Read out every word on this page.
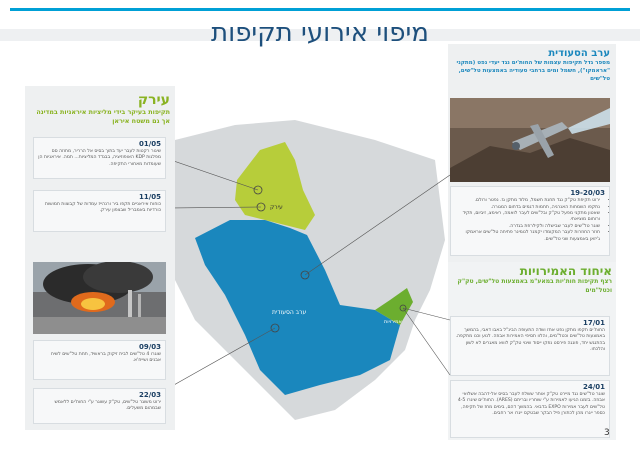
מיפוי אירועי תקיפות
עירק
תקיפות בעיקר בידי מליציות איראניות במדינה אך גם משטח איראן
01/05
שיגור רקטות לעבר יעד בתוך בסיס אל הרריר, מחוזה סס מפלגות KDP האופוזיציה, בבגדד המליציות... תמה. איראניות הן שעומדות מאחורי התקיפה.
11/05
כוחות איראניים תקפו ביר ורנהייז עמדות של קבוצות חמושות כורדיות באמבריל שבצפון עירק.
09/03
שוגרו 4 טל"שים לבית זיקוק בראשיד, תחת טל"שים לשיח אבנים ושייח'א.
22/03
ירוט משוגר טל"שים, טק"ק עשוגר ע"י החות'ים ללאמש שבמהום משעלים.
ערב הסעודית
מספר גדל תקיפות עצמות של החות'ים נגד יעדי נפט (מתקני "אראמקו"), חשמל ומים ברחבי סעודיה באמצעות טל"שים, טל"שים
19-20/03
• ירוט תקיפת טק"ק נגד תחנת חשמל, מלוד מתקן גז. נפטר ורולם.
• נתקפו השמחות האנרגיה, תחמות דגמים בדחום המגורה.
• שאטון מתקני מפעל טק"ק ובל"שים לעבר לואמה, ראימצ, זיביום, תקיד ורוחום מוציאתי.
• שוגר טל"שים לעבר שבישלה ולקילרפת בגדרה.
• חוזר החוזרות לעבר המקומדו יקמנר לנומינר פתיחה טל"שים אראמקו ג'יזאן באמצעות שני טל"שים.
איחוד האמירויות
רצף תקיפות חות'יות במאע"מ באמצעות טל"שים, טק"ק וכטל"מים
17/01
החות'ים תקפו מתקן נפט אחז ושדה התעופה הבינ"ל באבו דאבי, בהמשך באמצעות טל"שים וכטל"מים, והלוו תסיפי האמירות אבוזה. לנוע וכנו מתקפה. בהתנגש יחד, פונגה פירסט נפקו ייסוד שינוי טק"ק לוווא מאגרים לא לשון והלכחו.
24/01
שוגר טל"שים נגד מיירט טק"ק אותר ששלח לעבר בסיס אל-דהבה אשלואי אבוזה. בזמנו הגיעו לאמירות ע"י שוחריו ובריתם (ARES). החות'ים שיגרו 4-5 טל"שים לעבר אמירות EXPO בדבאי. בהמשך דהם, בימים מחז של תקיפה, כספר ייגרו מהן לכתורן פיל הבקר שבטקס ייגרו אר רחבים.
עירק
ערב הסעודית
אמירויות
3
